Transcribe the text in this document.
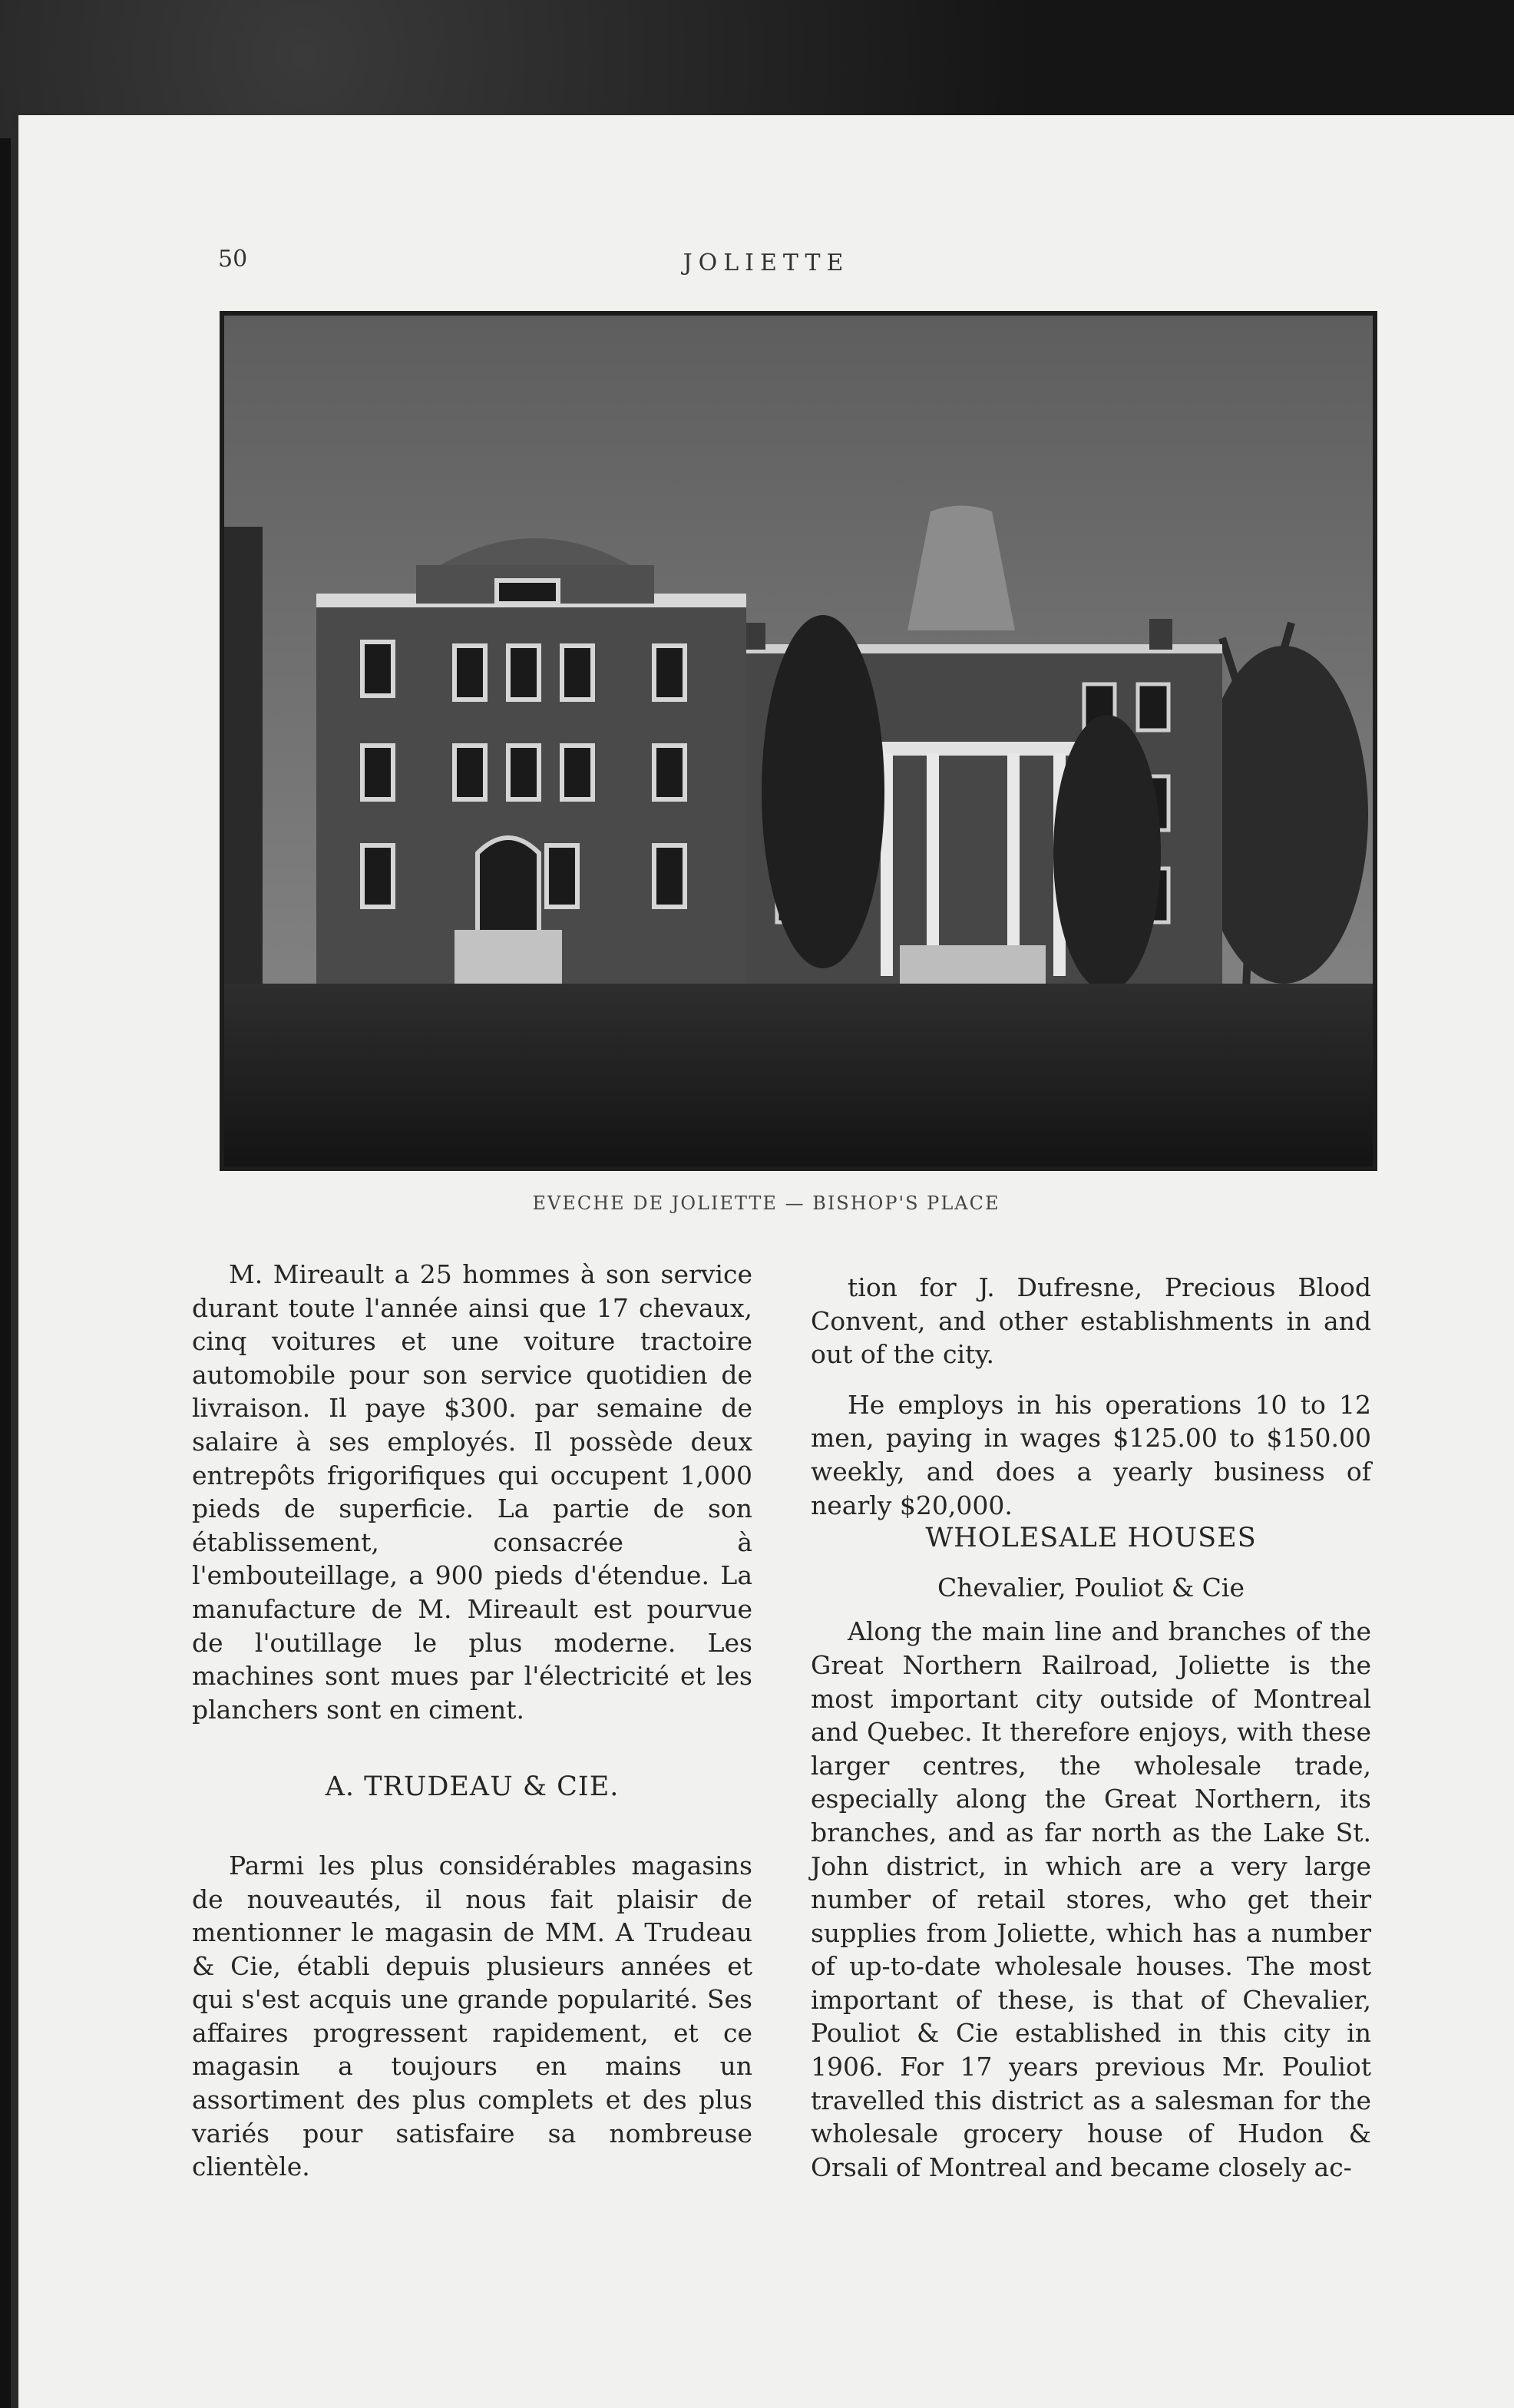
50	JOLIETTE
EVECHE DE JOLIETTE — BISHOP'S PLACE

M. Mireault a 25 hommes à son service durant toute l'année ainsi que 17 chevaux, cinq voitures et une voiture tractoire automobile pour son service quotidien de livraison. Il paye $300. par semaine de salaire à ses employés. Il possède deux entrepôts frigorifiques qui occupent 1,000 pieds de superficie. La partie de son établissement, consacrée à l'embouteillage, a 900 pieds d'étendue. La manufacture de M. Mireault est pourvue de l'outillage le plus moderne. Les machines sont mues par l'électricité et les planchers sont en ciment.

A. TRUDEAU & CIE.

Parmi les plus considérables magasins de nouveautés, il nous fait plaisir de mentionner le magasin de MM. A Trudeau & Cie, établi depuis plusieurs années et qui s'est acquis une grande popularité. Ses affaires progressent rapidement, et ce magasin a toujours en mains un assortiment des plus complets et des plus variés pour satisfaire sa nombreuse clientèle.

tion for J. Dufresne, Precious Blood Convent, and other establishments in and out of the city.

He employs in his operations 10 to 12 men, paying in wages $125.00 to $150.00 weekly, and does a yearly business of nearly $20,000.

WHOLESALE HOUSES

Chevalier, Pouliot & Cie

Along the main line and branches of the Great Northern Railroad, Joliette is the most important city outside of Montreal and Quebec. It therefore enjoys, with these larger centres, the wholesale trade, especially along the Great Northern, its branches, and as far north as the Lake St. John district, in which are a very large number of retail stores, who get their supplies from Joliette, which has a number of up-to-date wholesale houses. The most important of these, is that of Chevalier, Pouliot & Cie established in this city in 1906. For 17 years previous Mr. Pouliot travelled this district as a salesman for the wholesale grocery house of Hudon & Orsali of Montreal and became closely ac-
